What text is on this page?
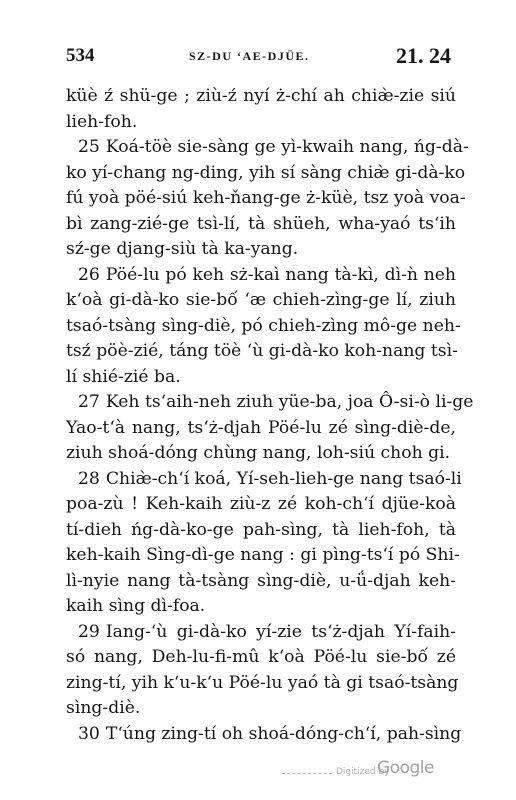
534	SZ-DU ‘AE-DJÜE.	21. 24
küè ź shü-ge ; ziù-ź nyí ż-chí ah chiæ̀-zie siú
lieh-foh.
25 Koá-töè sie-sàng ge yì-kwaih nang, ńg-dà-
ko yí-chang ng-ding, yih sí sàng chiæ̀ gi-dà-ko
fú yoà pöé-siú keh-ňang-ge ż-küè, tsz yoà voa-
bì zang-zié-ge tsì-lí, tà shüeh, wha-yaó ts‘ih
sź-ge djang-siù tà ka-yang.
26 Pöé-lu pó keh sż-kaì nang tà-kì, dì-ǹ neh
k‘oà gi-dà-ko sie-bố ‘æ chieh-zìng-ge lí, ziuh
tsaó-tsàng sìng-diè, pó chieh-zìng mô-ge neh-
tsź pöè-zié, táng töè ‘ù gi-dà-ko koh-nang tsì-
lí shié-zié ba.
27 Keh ts‘aih-neh ziuh yüe-ba, joa Ô-si-ò li-ge
Yao-t‘à nang, ts‘ż-djah Pöé-lu zé sìng-diè-de,
ziuh shoá-dóng chùng nang, loh-siú choh gi.
28 Chiæ̀-ch‘í koá, Yí-seh-lieh-ge nang tsaó-li
poa-zù ! Keh-kaih ziù-z zé koh-ch‘í djüe-koà
tí-dieh ńg-dà-ko-ge pah-sìng, tà lieh-foh, tà
keh-kaih Sìng-dì-ge nang : gi pìng-ts‘í pó Shi-
lì-nyie nang tà-tsàng sìng-diè, u-ǘ-djah keh-
kaih sìng dì-foa.
29 Iang-‘ù gi-dà-ko yí-zie ts‘ż-djah Yí-faih-
só nang, Deh-lu-fi-mû k‘oà Pöé-lu sie-bố zé
zing-tí, yih k‘u-k‘u Pöé-lu yaó tà gi tsaó-tsàng
sìng-diè.
30 T‘úng zing-tí oh shoá-dóng-ch‘í, pah-sìng
Digitized by
Google
